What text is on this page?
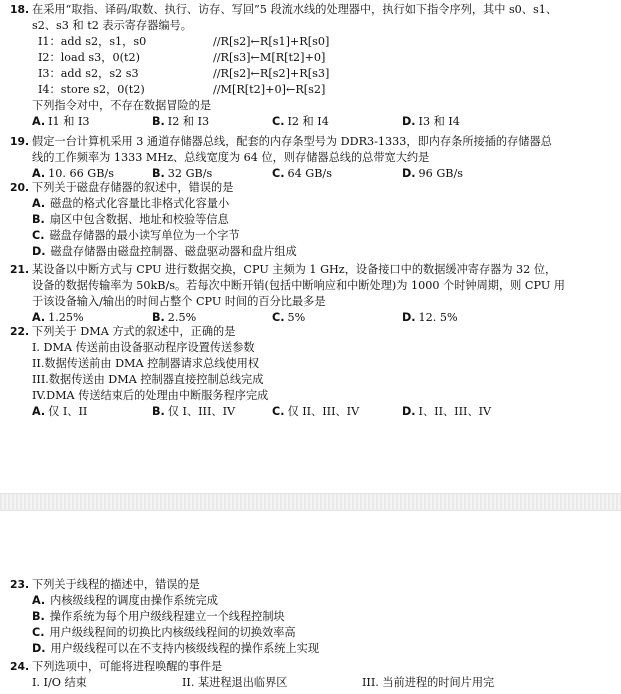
18. 在采用“取指、译码/取数、执行、访存、写回”5 段流水线的处理器中，执行如下指令序列，其中 s0、s1、
s2、s3 和 t2 表示寄存器编号。
I1：add s2，s1，s0	//R[s2]←R[s1]+R[s0]
I2：load s3，0(t2)	//R[s3]←M[R[t2]+0]
I3：add s2，s2 s3	//R[s2]←R[s2]+R[s3]
I4：store s2，0(t2)	//M[R[t2]+0]←R[s2]
下列指令对中，不存在数据冒险的是
A. I1 和 I3	B. I2 和 I3	C. I2 和 I4	D. I3 和 I4
19. 假定一台计算机采用 3 通道存储器总线，配套的内存条型号为 DDR3-1333，即内存条所接插的存储器总
线的工作频率为 1333 MHz、总线宽度为 64 位，则存储器总线的总带宽大约是
A. 10. 66 GB/s	B. 32 GB/s	C. 64 GB/s	D. 96 GB/s
20. 下列关于磁盘存储器的叙述中，错误的是
A. 磁盘的格式化容量比非格式化容量小
B. 扇区中包含数据、地址和校验等信息
C. 磁盘存储器的最小读写单位为一个字节
D. 磁盘存储器由磁盘控制器、磁盘驱动器和盘片组成
21. 某设备以中断方式与 CPU 进行数据交换，CPU 主频为 1 GHz，设备接口中的数据缓冲寄存器为 32 位，
设备的数据传输率为 50kB/s。若每次中断开销(包括中断响应和中断处理)为 1000 个时钟周期，则 CPU 用
于该设备输入/输出的时间占整个 CPU 时间的百分比最多是
A. 1.25%	B. 2.5%	C. 5%	D. 12. 5%
22. 下列关于 DMA 方式的叙述中，正确的是
I. DMA 传送前由设备驱动程序设置传送参数
II.数据传送前由 DMA 控制器请求总线使用权
III.数据传送由 DMA 控制器直接控制总线完成
IV.DMA 传送结束后的处理由中断服务程序完成
A. 仅 I、II	B. 仅 I、III、IV	C. 仅 II、III、IV	D. I、II、III、IV
23. 下列关于线程的描述中，错误的是
A. 内核级线程的调度由操作系统完成
B. 操作系统为每个用户级线程建立一个线程控制块
C. 用户级线程间的切换比内核级线程间的切换效率高
D. 用户级线程可以在不支持内核级线程的操作系统上实现
24. 下列选项中，可能将进程唤醒的事件是
I. I/O 结束	II. 某进程退出临界区	III. 当前进程的时间片用完
